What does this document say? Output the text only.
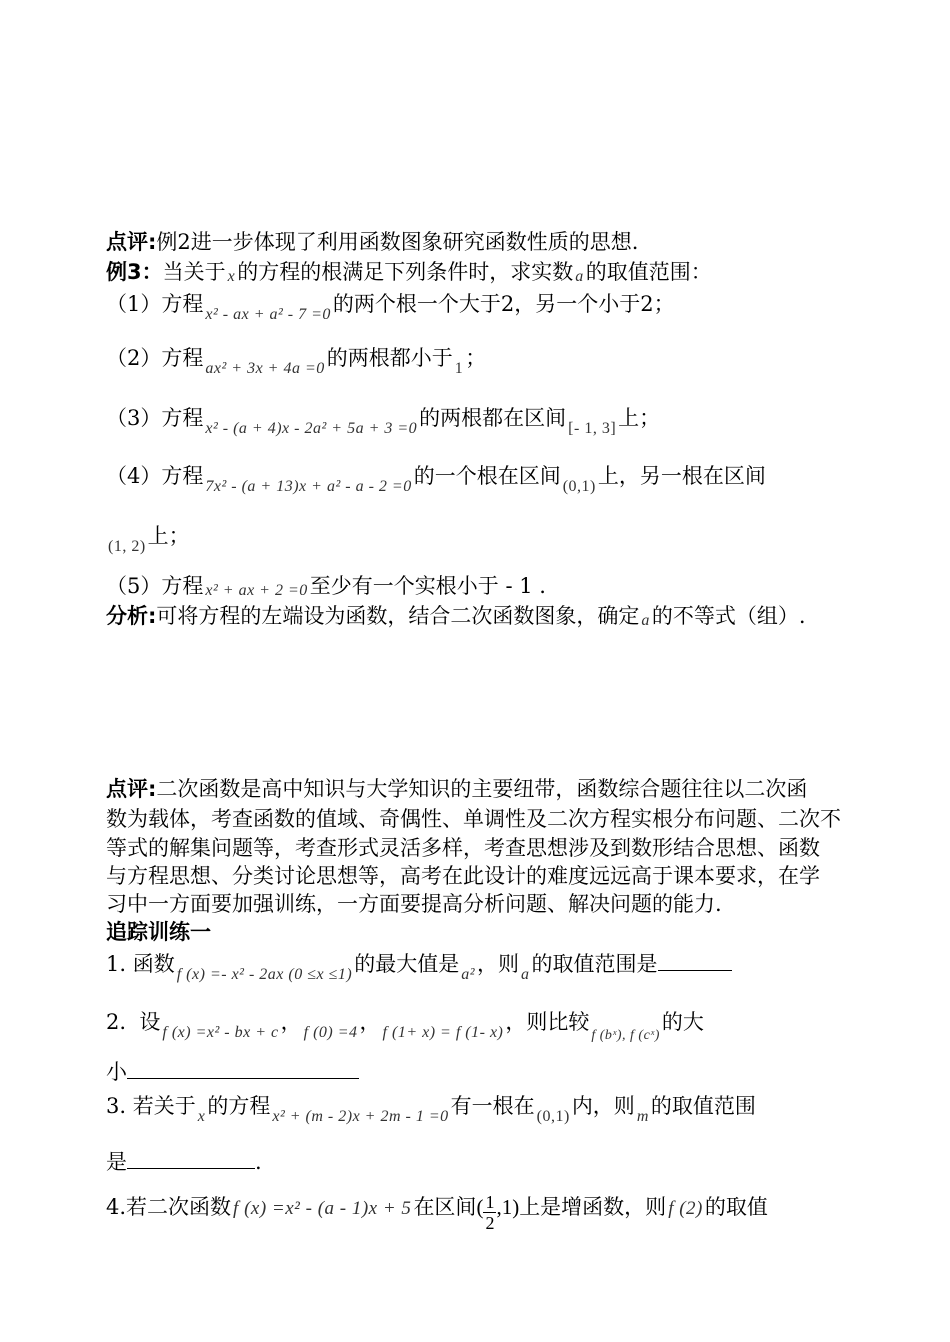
点评:例2进一步体现了利用函数图象研究函数性质的思想.
例3：当关于 x的方程的根满足下列条件时，求实数 a的取值范围：
（1）方程 $_{x^2 - ax + a^2 - 7 =0}$的两个根一个大于2，另一个小于2；
（2）方程 $_{ax^2 + 3x + 4a =0}$的两根都小于 $_1$；
（3）方程 $_{x^2 - (a + 4)x - 2a^2 + 5a + 3 =0}$的两根都在区间 $_{[- 1, 3]}$上；
（4）方程 $_{7x^2 - (a + 13)x + a^2 - a - 2 =0}$的一个根在区间 $_{(0,1)}$上，另一根在区间
$_{(1, 2)}$上；
（5）方程 x² + ax + 2 =0至少有一个实根小于 - 1 .
分析:可将方程的左端设为函数，结合二次函数图象，确定 a的不等式（组）.
点评:二次函数是高中知识与大学知识的主要纽带，函数综合题往往以二次函
数为载体，考查函数的值域、奇偶性、单调性及二次方程实根分布问题、二次不
等式的解集问题等，考查形式灵活多样，考查思想涉及到数形结合思想、函数
与方程思想、分类讨论思想等，高考在此设计的难度远远高于课本要求，在学
习中一方面要加强训练，一方面要提高分析问题、解决问题的能力.
追踪训练一
1. 函数 $_{f (x) =- x^2 - 2ax (0 \le x \le 1)}$的最大值是 $_{a^2}$，则 $_a$的取值范围是
2. 设 $_{f (x) =x^2 - bx + c}$， $_{f (0) =4}$， $_{f (1+ x) = f (1- x)}$，则比较$_{f (bˣ), f (cˣ)}$的大
小
3. 若关于 $_x$的方程 $_{x^2 + (m - 2)x + 2m - 1 =0}$有一根在 $_{(0,1)}$内，则 $_m$的取值范围
是	.
4.若二次函数 f (x) =x² - (a - 1)x + 5在区间( $\frac{1}{2} ,1$)上是增函数，则 f (2)的取值
